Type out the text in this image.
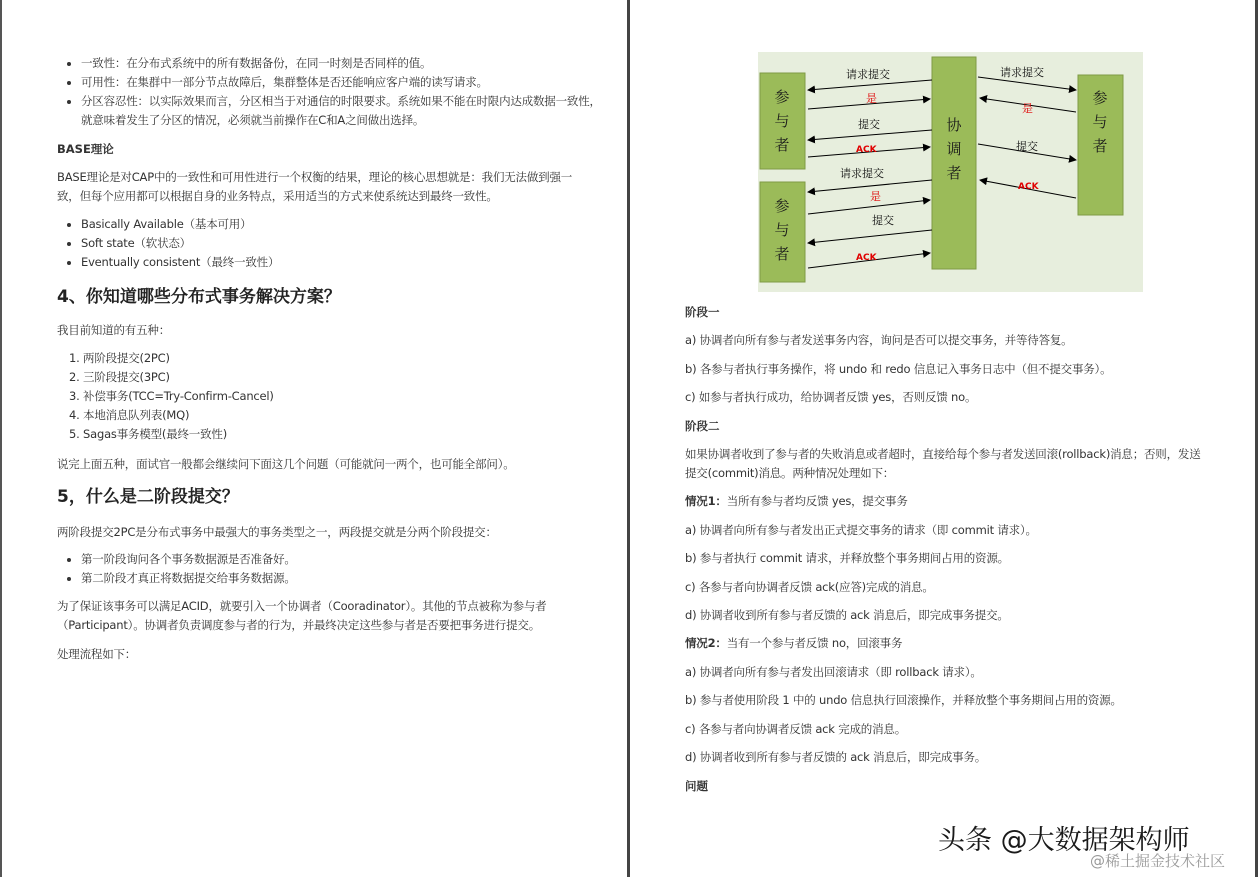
• 一致性：在分布式系统中的所有数据备份，在同一时刻是否同样的值。
• 可用性：在集群中一部分节点故障后，集群整体是否还能响应客户端的读写请求。
• 分区容忍性：以实际效果而言，分区相当于对通信的时限要求。系统如果不能在时限内达成数据一致性，就意味着发生了分区的情况，必须就当前操作在C和A之间做出选择。

BASE理论

BASE理论是对CAP中的一致性和可用性进行一个权衡的结果，理论的核心思想就是：我们无法做到强一致，但每个应用都可以根据自身的业务特点，采用适当的方式来使系统达到最终一致性。

• Basically Available（基本可用）
• Soft state（软状态）
• Eventually consistent（最终一致性）

4、你知道哪些分布式事务解决方案？

我目前知道的有五种：

1. 两阶段提交(2PC)
2. 三阶段提交(3PC)
3. 补偿事务(TCC=Try-Confirm-Cancel)
4. 本地消息队列表(MQ)
5. Sagas事务模型(最终一致性)

说完上面五种，面试官一般都会继续问下面这几个问题（可能就问一两个，也可能全部问）。

5，什么是二阶段提交？

两阶段提交2PC是分布式事务中最强大的事务类型之一，两段提交就是分两个阶段提交：

• 第一阶段询问各个事务数据源是否准备好。
• 第二阶段才真正将数据提交给事务数据源。

为了保证该事务可以满足ACID，就要引入一个协调者（Cooradinator）。其他的节点被称为参与者（Participant）。协调者负责调度参与者的行为，并最终决定这些参与者是否要把事务进行提交。

处理流程如下：

参与者
参与者
参与者
协调者
请求提交
是
提交
ACK
请求提交
是
提交
ACK
请求提交
是
提交
ACK

阶段一

a) 协调者向所有参与者发送事务内容，询问是否可以提交事务，并等待答复。

b) 各参与者执行事务操作，将 undo 和 redo 信息记入事务日志中（但不提交事务）。

c) 如参与者执行成功，给协调者反馈 yes，否则反馈 no。

阶段二

如果协调者收到了参与者的失败消息或者超时，直接给每个参与者发送回滚(rollback)消息；否则，发送提交(commit)消息。两种情况处理如下：

情况1：当所有参与者均反馈 yes，提交事务

a) 协调者向所有参与者发出正式提交事务的请求（即 commit 请求）。

b) 参与者执行 commit 请求，并释放整个事务期间占用的资源。

c) 各参与者向协调者反馈 ack(应答)完成的消息。

d) 协调者收到所有参与者反馈的 ack 消息后，即完成事务提交。

情况2：当有一个参与者反馈 no，回滚事务

a) 协调者向所有参与者发出回滚请求（即 rollback 请求）。

b) 参与者使用阶段 1 中的 undo 信息执行回滚操作，并释放整个事务期间占用的资源。

c) 各参与者向协调者反馈 ack 完成的消息。

d) 协调者收到所有参与者反馈的 ack 消息后，即完成事务。

问题

头条 @大数据架构师
@稀土掘金技术社区
